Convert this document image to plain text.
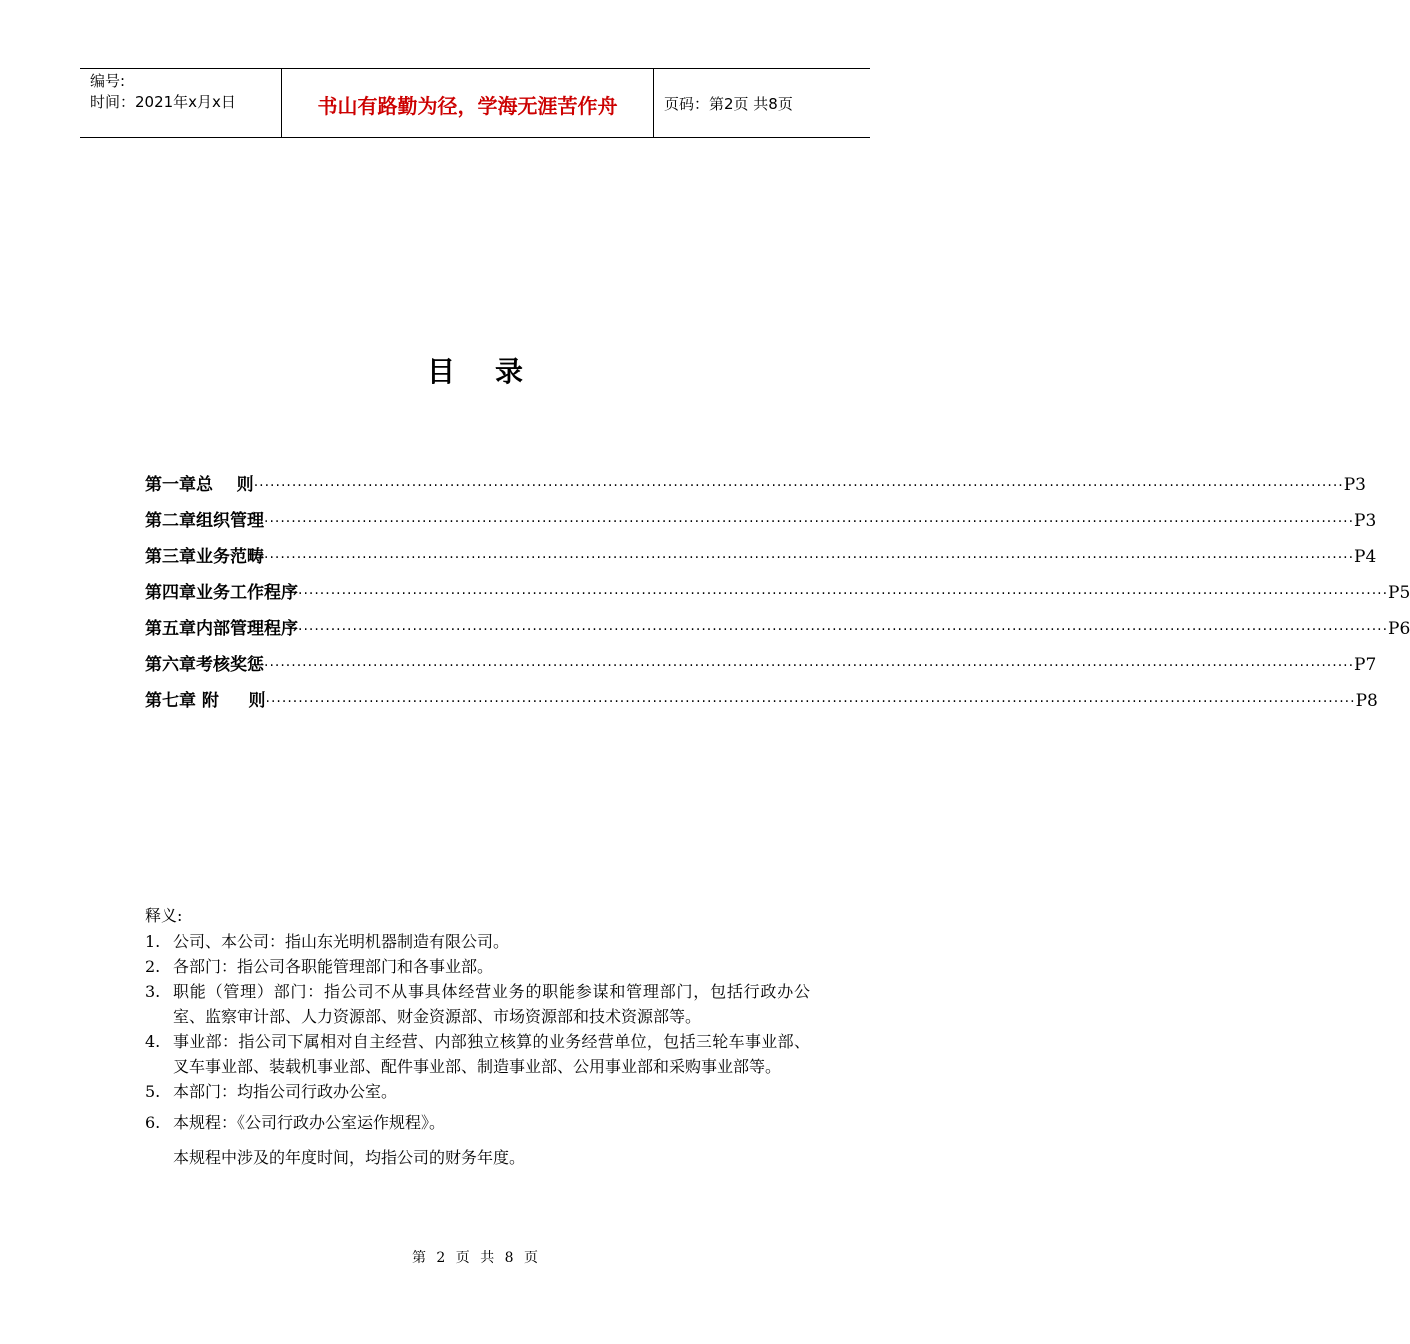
编号:
时间：2021年x月x日	书山有路勤为径，学海无涯苦作舟	页码：第2页 共8页
目录
第一章 总    则 ········································································································································································································ P3
第二章 组织管理 ········································································································································································································ P3
第三章 业务范畴 ········································································································································································································ P4
第四章 业务工作程序 ········································································································································································································ P5
第五章 内部管理程序 ········································································································································································································ P6
第六章 考核奖惩 ········································································································································································································ P7
第七章 附     则 ········································································································································································································ P8
释义:
1. 公司、本公司：指山东光明机器制造有限公司。
2. 各部门：指公司各职能管理部门和各事业部。
3. 职能（管理）部门：指公司不从事具体经营业务的职能参谋和管理部门，包括行政办公室、监察审计部、人力资源部、财金资源部、市场资源部和技术资源部等。
4. 事业部：指公司下属相对自主经营、内部独立核算的业务经营单位，包括三轮车事业部、叉车事业部、装载机事业部、配件事业部、制造事业部、公用事业部和采购事业部等。
5. 本部门：均指公司行政办公室。
6. 本规程：《公司行政办公室运作规程》。
本规程中涉及的年度时间，均指公司的财务年度。
第 2 页 共 8 页
